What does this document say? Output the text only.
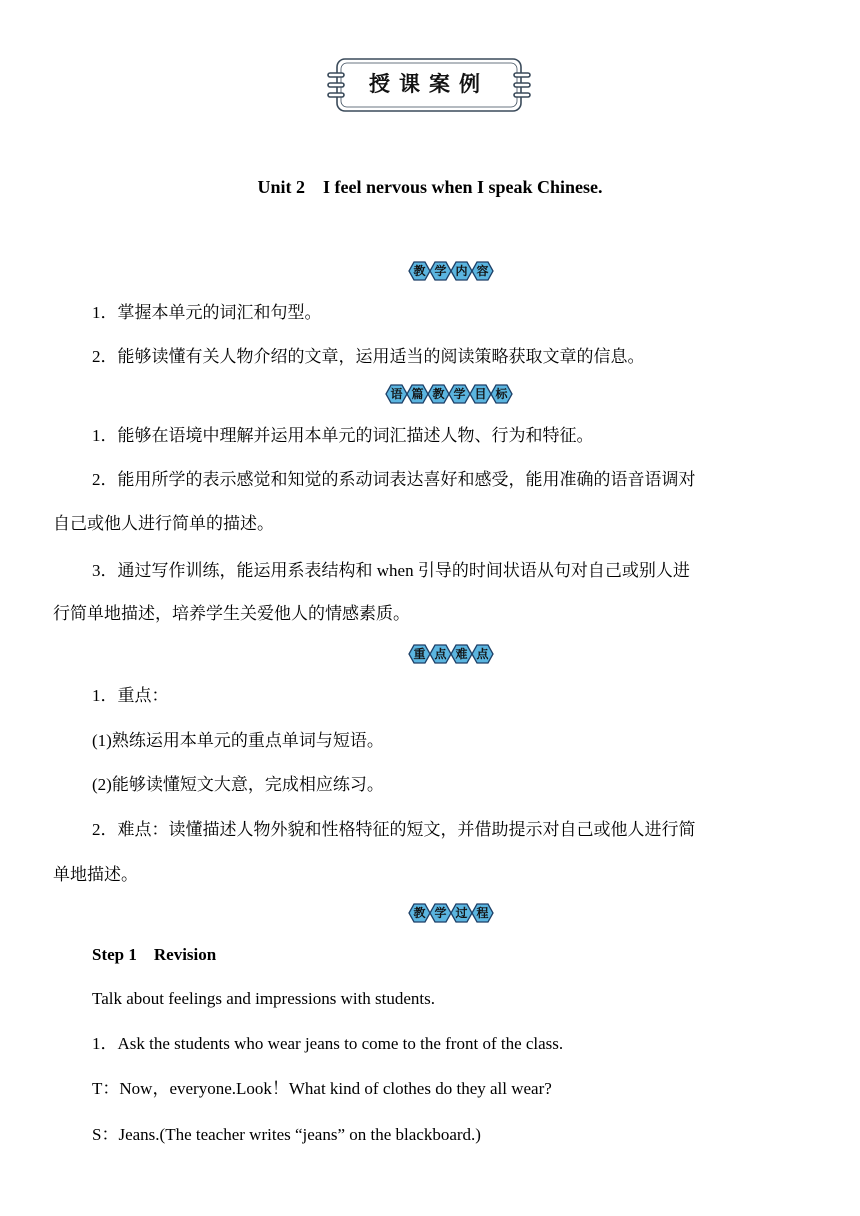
授课案例
Unit 2    I feel nervous when I speak Chinese.
教 学 内 容
1．掌握本单元的词汇和句型。
2．能够读懂有关人物介绍的文章，运用适当的阅读策略获取文章的信息。
语 篇 教 学 目 标
1．能够在语境中理解并运用本单元的词汇描述人物、行为和特征。
2．能用所学的表示感觉和知觉的系动词表达喜好和感受，能用准确的语音语调对
自己或他人进行简单的描述。
3．通过写作训练，能运用系表结构和 when 引导的时间状语从句对自己或别人进
行简单地描述，培养学生关爱他人的情感素质。
重 点 难 点
1．重点：
(1)熟练运用本单元的重点单词与短语。
(2)能够读懂短文大意，完成相应练习。
2．难点：读懂描述人物外貌和性格特征的短文，并借助提示对自己或他人进行简
单地描述。
教 学 过 程
Step 1    Revision
Talk about feelings and impressions with students.
1．Ask the students who wear jeans to come to the front of the class.
T：Now，everyone.Look！What kind of clothes do they all wear?
S：Jeans.(The teacher writes “jeans” on the blackboard.)
